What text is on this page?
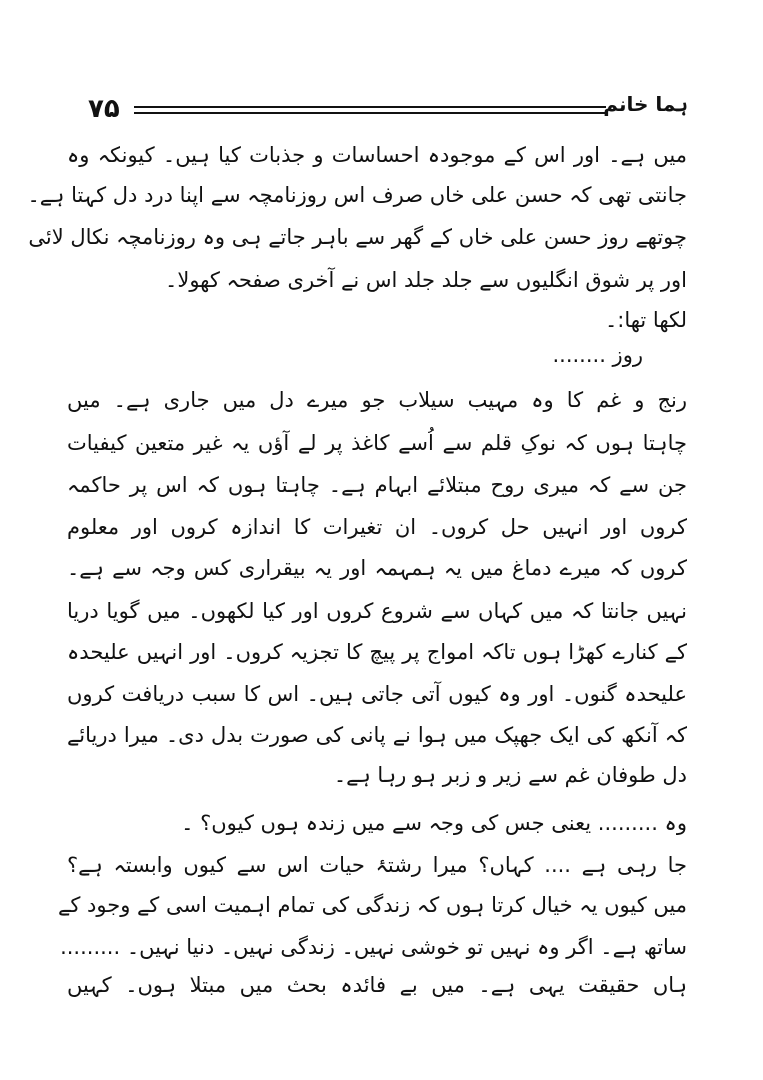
۷۵	ہما خانم
میں ہے۔ اور اس کے موجودہ احساسات و جذبات کیا ہیں۔ کیونکہ وہ
جانتی تھی کہ حسن علی خاں صرف اس روزنامچہ سے اپنا درد دل کہتا ہے۔
چوتھے روز حسن علی خاں کے گھر سے باہر جاتے ہی وہ روزنامچہ نکال لائی
اور پر شوق انگلیوں سے جلد جلد اس نے آخری صفحہ کھولا۔
لکھا تھا:۔
روز ........
رنج و غم کا وہ مہیب سیلاب جو میرے دل میں جاری ہے۔ میں
چاہتا ہوں کہ نوکِ قلم سے اُسے کاغذ پر لے آؤں یہ غیر متعین کیفیات
جن سے کہ میری روح مبتلائے ابہام ہے۔ چاہتا ہوں کہ اس پر حاکمہ
کروں اور انہیں حل کروں۔ ان تغیرات کا اندازہ کروں اور معلوم
کروں کہ میرے دماغ میں یہ ہمہمہ اور یہ بیقراری کس وجہ سے ہے۔
نہیں جانتا کہ میں کہاں سے شروع کروں اور کیا لکھوں۔ میں گویا دریا
کے کنارے کھڑا ہوں تاکہ امواج پر پیچ کا تجزیہ کروں۔ اور انہیں علیحدہ
علیحدہ گنوں۔ اور وہ کیوں آتی جاتی ہیں۔ اس کا سبب دریافت کروں
کہ آنکھ کی ایک جھپک میں ہوا نے پانی کی صورت بدل دی۔ میرا دریائے
دل طوفان غم سے زیر و زبر ہو رہا ہے۔
وہ ......... یعنی جس کی وجہ سے میں زندہ ہوں کیوں؟ ۔
جا رہی ہے .... کہاں؟ میرا رشتۂ حیات اس سے کیوں وابستہ ہے؟
میں کیوں یہ خیال کرتا ہوں کہ زندگی کی تمام اہمیت اسی کے وجود کے
ساتھ ہے۔ اگر وہ نہیں تو خوشی نہیں۔ زندگی نہیں۔ دنیا نہیں۔ .........
ہاں حقیقت یہی ہے۔ میں بے فائدہ بحث میں مبتلا ہوں۔ کہیں
